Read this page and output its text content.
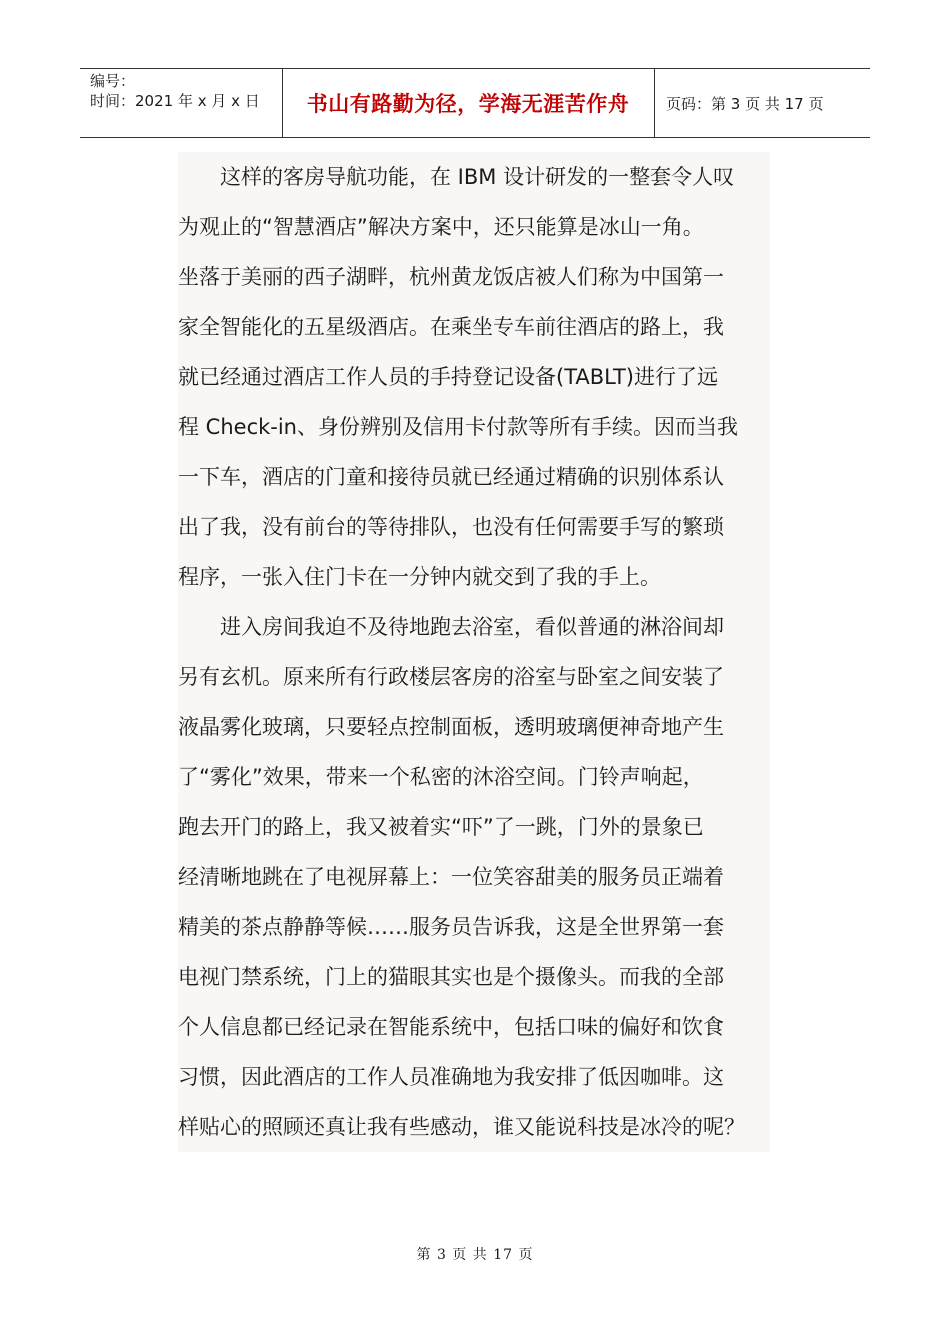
编号：
时间：2021 年 x 月 x 日	书山有路勤为径，学海无涯苦作舟	页码：第 3 页 共 17 页
　　这样的客房导航功能，在 IBM 设计研发的一整套令人叹
为观止的“智慧酒店”解决方案中，还只能算是冰山一角。
坐落于美丽的西子湖畔，杭州黄龙饭店被人们称为中国第一
家全智能化的五星级酒店。在乘坐专车前往酒店的路上，我
就已经通过酒店工作人员的手持登记设备(TABLT)进行了远
程 Check-in、身份辨别及信用卡付款等所有手续。因而当我
一下车，酒店的门童和接待员就已经通过精确的识别体系认
出了我，没有前台的等待排队，也没有任何需要手写的繁琐
程序，一张入住门卡在一分钟内就交到了我的手上。
　　进入房间我迫不及待地跑去浴室，看似普通的淋浴间却
另有玄机。原来所有行政楼层客房的浴室与卧室之间安装了
液晶雾化玻璃，只要轻点控制面板，透明玻璃便神奇地产生
了“雾化”效果，带来一个私密的沐浴空间。门铃声响起，
跑去开门的路上，我又被着实“吓”了一跳，门外的景象已
经清晰地跳在了电视屏幕上：一位笑容甜美的服务员正端着
精美的茶点静静等候……服务员告诉我，这是全世界第一套
电视门禁系统，门上的猫眼其实也是个摄像头。而我的全部
个人信息都已经记录在智能系统中，包括口味的偏好和饮食
习惯，因此酒店的工作人员准确地为我安排了低因咖啡。这
样贴心的照顾还真让我有些感动，谁又能说科技是冰冷的呢？
第 3 页 共 17 页
